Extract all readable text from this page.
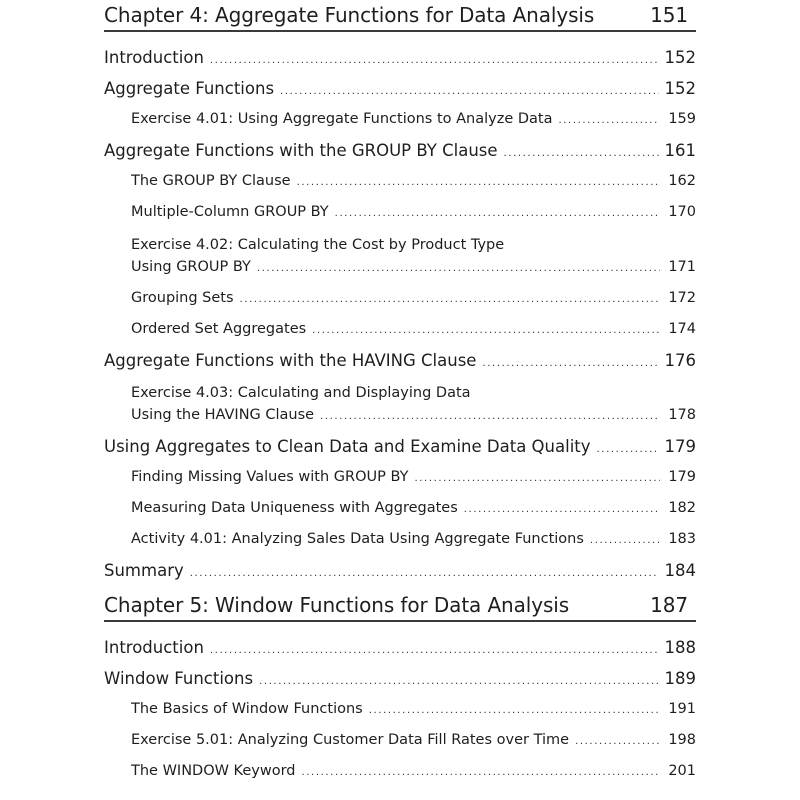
Chapter 4: Aggregate Functions for Data Analysis	151
Introduction .....	152
Aggregate Functions .....	152
Exercise 4.01: Using Aggregate Functions to Analyze Data .....	159
Aggregate Functions with the GROUP BY Clause .....	161
The GROUP BY Clause .....	162
Multiple-Column GROUP BY .....	170
Exercise 4.02: Calculating the Cost by Product Type
Using GROUP BY .....	171
Grouping Sets .....	172
Ordered Set Aggregates .....	174
Aggregate Functions with the HAVING Clause .....	176
Exercise 4.03: Calculating and Displaying Data
Using the HAVING Clause .....	178
Using Aggregates to Clean Data and Examine Data Quality .....	179
Finding Missing Values with GROUP BY .....	179
Measuring Data Uniqueness with Aggregates .....	182
Activity 4.01: Analyzing Sales Data Using Aggregate Functions .....	183
Summary .....	184
Chapter 5: Window Functions for Data Analysis	187
Introduction .....	188
Window Functions .....	189
The Basics of Window Functions .....	191
Exercise 5.01: Analyzing Customer Data Fill Rates over Time .....	198
The WINDOW Keyword .....	201
